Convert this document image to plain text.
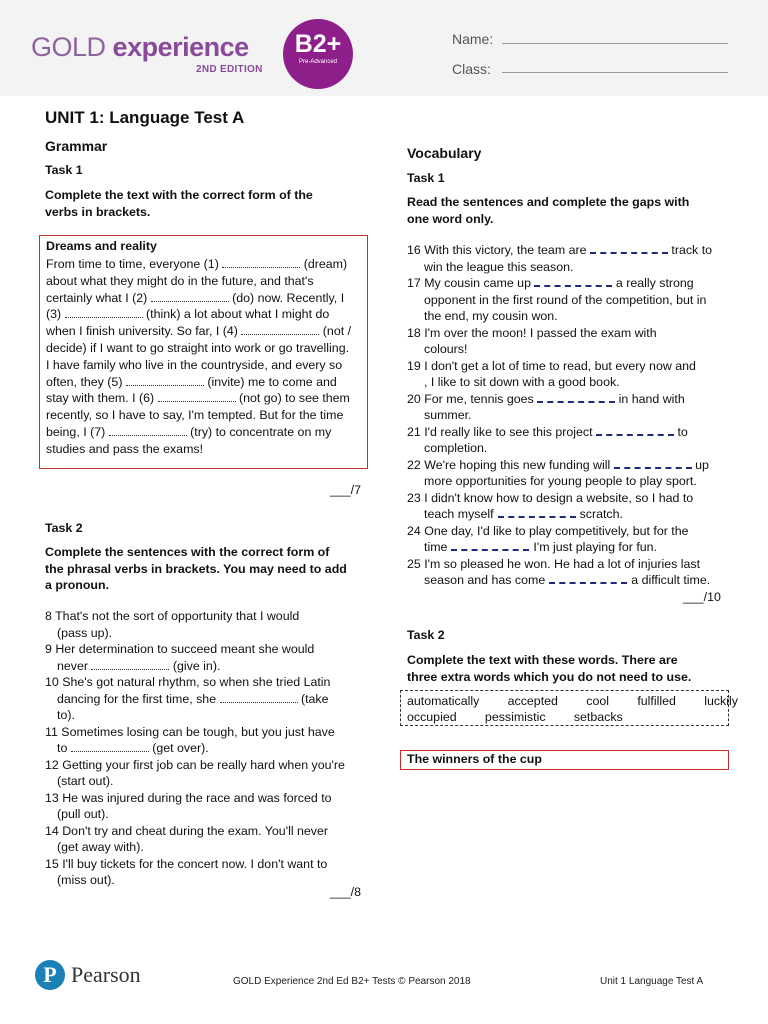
GOLD experience
2ND EDITION
B2+
Pre-Advanced
Name:
Class:
UNIT 1: Language Test A
Grammar
Task 1
Complete the text with the correct form of the
verbs in brackets.
Dreams and reality
From time to time, everyone (1)	(dream)
about what they might do in the future, and that's
certainly what I (2)	(do) now. Recently, I
(3)	(think) a lot about what I might do
when I finish university. So far, I (4)	(not /
decide) if I want to go straight into work or go travelling.
I have family who live in the countryside, and every so
often, they (5)	(invite) me to come and
stay with them. I (6)	(not go) to see them
recently, so I have to say, I'm tempted. But for the time
being, I (7)	(try) to concentrate on my
studies and pass the exams!
___/7
Task 2
Complete the sentences with the correct form of
the phrasal verbs in brackets. You may need to add
a pronoun.
8 That's not the sort of opportunity that I would
(pass up).
9 Her determination to succeed meant she would
never	(give in).
10 She's got natural rhythm, so when she tried Latin
dancing for the first time, she	(take
to).
11 Sometimes losing can be tough, but you just have
to	(get over).
12 Getting your first job can be really hard when you're
(start out).
13 He was injured during the race and was forced to
(pull out).
14 Don't try and cheat during the exam. You'll never
(get away with).
15 I'll buy tickets for the concert now. I don't want to
(miss out).
___/8
Vocabulary
Task 1
Read the sentences and complete the gaps with
one word only.
16 With this victory, the team are	track to
win the league this season.
17 My cousin came up	a really strong
opponent in the first round of the competition, but in
the end, my cousin won.
18 I'm over the moon! I passed the exam with
colours!
19 I don't get a lot of time to read, but every now and
, I like to sit down with a good book.
20 For me, tennis goes	in hand with
summer.
21 I'd really like to see this project	to
completion.
22 We're hoping this new funding will	up
more opportunities for young people to play sport.
23 I didn't know how to design a website, so I had to
teach myself	scratch.
24 One day, I'd like to play competitively, but for the
time	I'm just playing for fun.
25 I'm so pleased he won. He had a lot of injuries last
season and has come	a difficult time.
___/10
Task 2
Complete the text with these words. There are
three extra words which you do not need to use.
automatically   accepted   cool   fulfilled   luckily
occupied   pessimistic   setbacks
The winners of the cup
P Pearson	GOLD Experience 2nd Ed B2+ Tests © Pearson 2018	Unit 1 Language Test A
